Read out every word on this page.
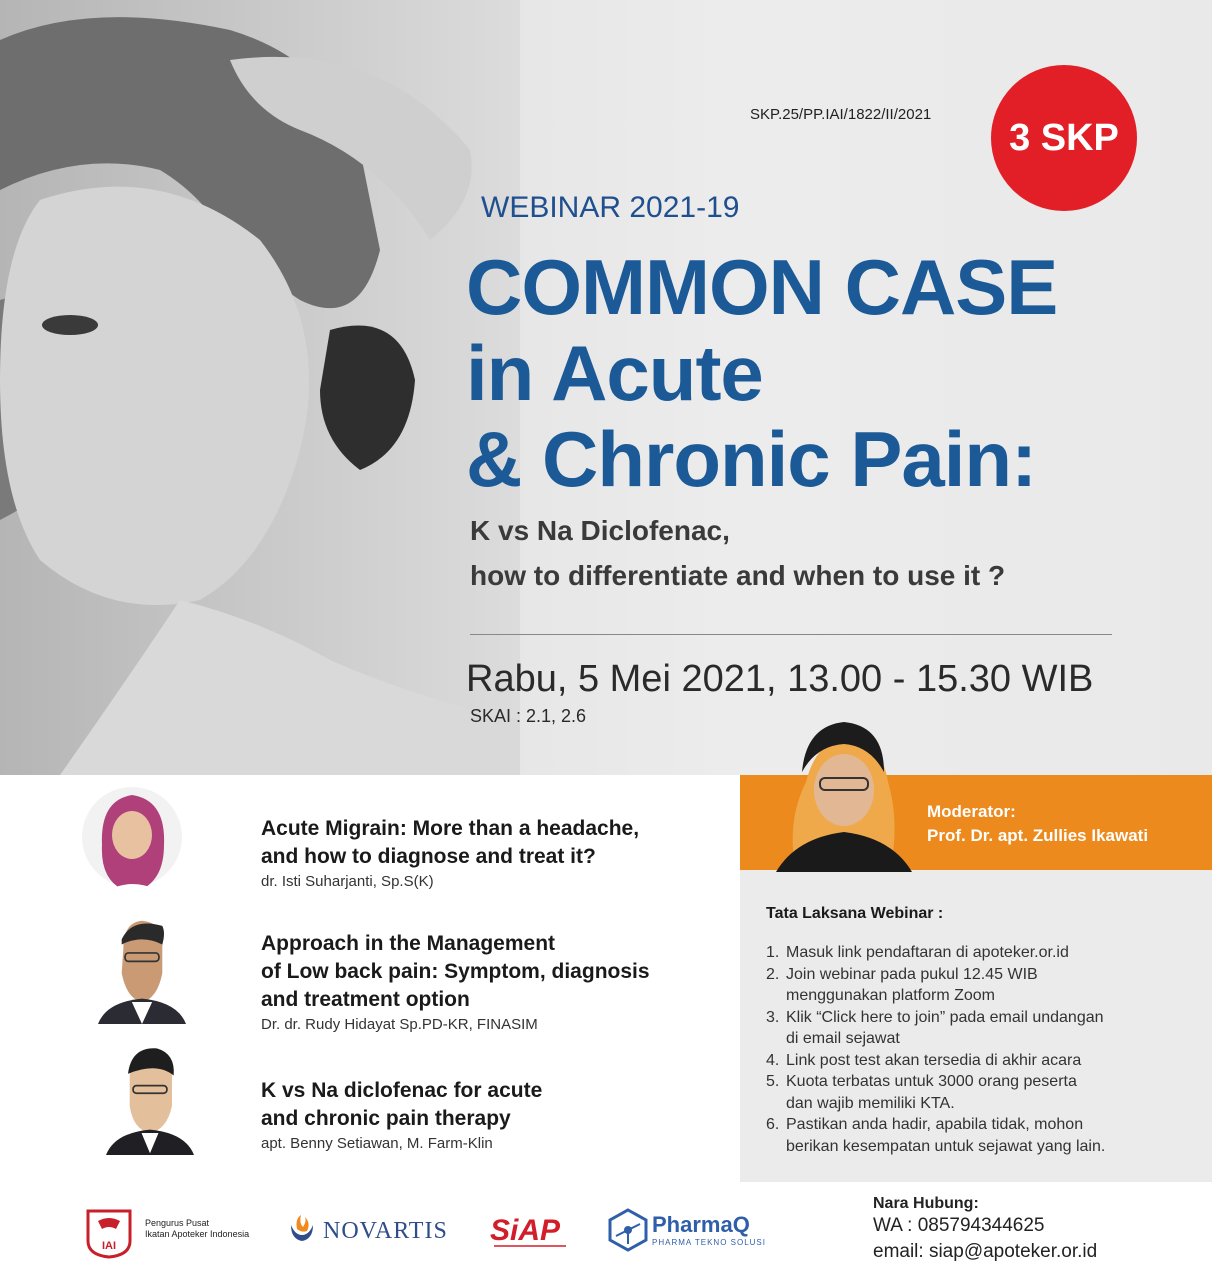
SKP.25/PP.IAI/1822/II/2021
3 SKP
WEBINAR 2021-19
COMMON CASE
in Acute
& Chronic Pain:
K vs Na Diclofenac,
how to differentiate and when to use it ?
Rabu, 5 Mei 2021, 13.00 - 15.30 WIB
SKAI : 2.1, 2.6
Acute Migrain: More than a headache,
and how to diagnose and treat it?
dr. Isti Suharjanti, Sp.S(K)
Approach in the Management
of Low back pain: Symptom, diagnosis
and treatment option
Dr. dr. Rudy Hidayat Sp.PD-KR, FINASIM
K vs Na diclofenac for acute
and chronic pain therapy
apt. Benny Setiawan, M. Farm-Klin
Moderator:
Prof. Dr. apt. Zullies Ikawati
Tata Laksana Webinar :
1. Masuk link pendaftaran di apoteker.or.id
2. Join webinar pada pukul 12.45 WIB
menggunakan platform Zoom
3. Klik “Click here to join” pada email undangan
di email sejawat
4. Link post test akan tersedia di akhir acara
5. Kuota terbatas untuk 3000 orang peserta
dan wajib memiliki KTA.
6. Pastikan anda hadir, apabila tidak, mohon
berikan kesempatan untuk sejawat yang lain.
IAI
Pengurus Pusat
Ikatan Apoteker Indonesia	NOVARTIS SiAP	PharmaQ
PHARMA TEKNO SOLUSI
Nara Hubung:
WA : 085794344625
email: siap@apoteker.or.id
